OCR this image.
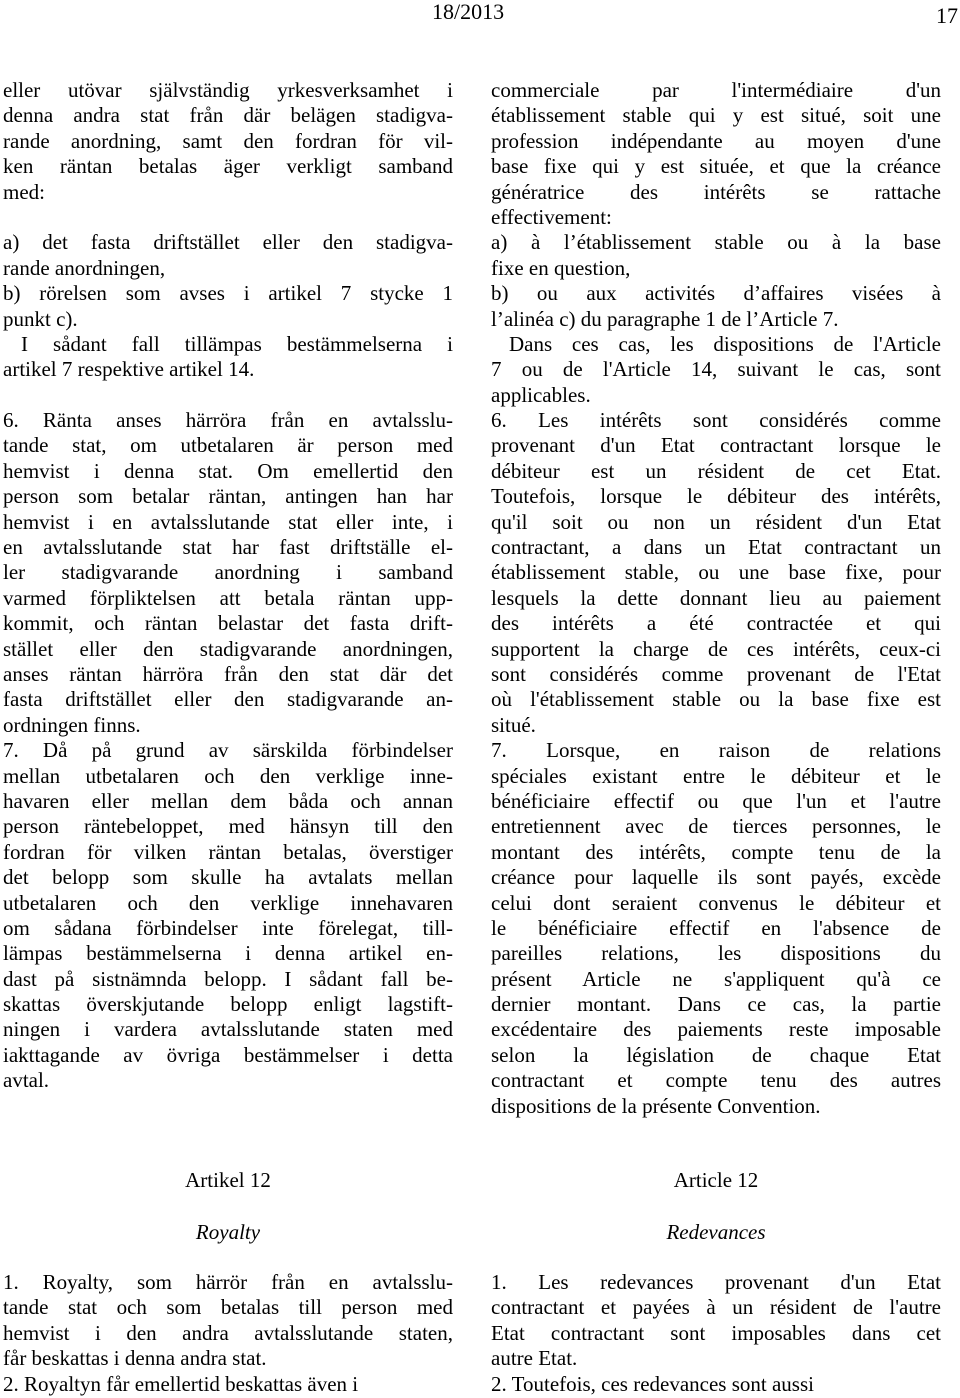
18/2013	17
eller utövar självständig yrkesverksamhet i
denna andra stat från där belägen stadigva-
rande anordning, samt den fordran för vil-
ken räntan betalas äger verkligt samband
med:
a) det fasta driftstället eller den stadigva-
rande anordningen,
b) rörelsen som avses i artikel 7 stycke 1
punkt c).
I sådant fall tillämpas bestämmelserna i
artikel 7 respektive artikel 14.
6. Ränta anses härröra från en avtalsslu-
tande stat, om utbetalaren är person med
hemvist i denna stat. Om emellertid den
person som betalar räntan, antingen han har
hemvist i en avtalsslutande stat eller inte, i
en avtalsslutande stat har fast driftställe el-
ler stadigvarande anordning i samband
varmed förpliktelsen att betala räntan upp-
kommit, och räntan belastar det fasta drift-
stället eller den stadigvarande anordningen,
anses räntan härröra från den stat där det
fasta driftstället eller den stadigvarande an-
ordningen finns.
7. Då på grund av särskilda förbindelser
mellan utbetalaren och den verklige inne-
havaren eller mellan dem båda och annan
person räntebeloppet, med hänsyn till den
fordran för vilken räntan betalas, överstiger
det belopp som skulle ha avtalats mellan
utbetalaren och den verklige innehavaren
om sådana förbindelser inte förelegat, till-
lämpas bestämmelserna i denna artikel en-
dast på sistnämnda belopp. I sådant fall be-
skattas överskjutande belopp enligt lagstift-
ningen i vardera avtalsslutande staten med
iakttagande av övriga bestämmelser i detta
avtal.
commerciale par l'intermédiaire d'un
établissement stable qui y est situé, soit une
profession indépendante au moyen d'une
base fixe qui y est située, et que la créance
génératrice des intérêts se rattache
effectivement:
a) à l’établissement stable ou à la base
fixe en question,
b) ou aux activités d’affaires visées à
l’alinéa c) du paragraphe 1 de l’Article 7.
Dans ces cas, les dispositions de l'Article
7 ou de l'Article 14, suivant le cas, sont
applicables.
6. Les intérêts sont considérés comme
provenant d'un Etat contractant lorsque le
débiteur est un résident de cet Etat.
Toutefois, lorsque le débiteur des intérêts,
qu'il soit ou non un résident d'un Etat
contractant, a dans un Etat contractant un
établissement stable, ou une base fixe, pour
lesquels la dette donnant lieu au paiement
des intérêts a été contractée et qui
supportent la charge de ces intérêts, ceux-ci
sont considérés comme provenant de l'Etat
où l'établissement stable ou la base fixe est
situé.
7. Lorsque, en raison de relations
spéciales existant entre le débiteur et le
bénéficiaire effectif ou que l'un et l'autre
entretiennent avec de tierces personnes, le
montant des intérêts, compte tenu de la
créance pour laquelle ils sont payés, excède
celui dont seraient convenus le débiteur et
le bénéficiaire effectif en l'absence de
pareilles relations, les dispositions du
présent Article ne s'appliquent qu'à ce
dernier montant. Dans ce cas, la partie
excédentaire des paiements reste imposable
selon la législation de chaque Etat
contractant et compte tenu des autres
dispositions de la présente Convention.
Artikel 12
Royalty
Article 12
Redevances
1. Royalty, som härrör från en avtalsslu-
tande stat och som betalas till person med
hemvist i den andra avtalsslutande staten,
får beskattas i denna andra stat.
2. Royaltyn får emellertid beskattas även i
1. Les redevances provenant d'un Etat
contractant et payées à un résident de l'autre
Etat contractant sont imposables dans cet
autre Etat.
2. Toutefois, ces redevances sont aussi
